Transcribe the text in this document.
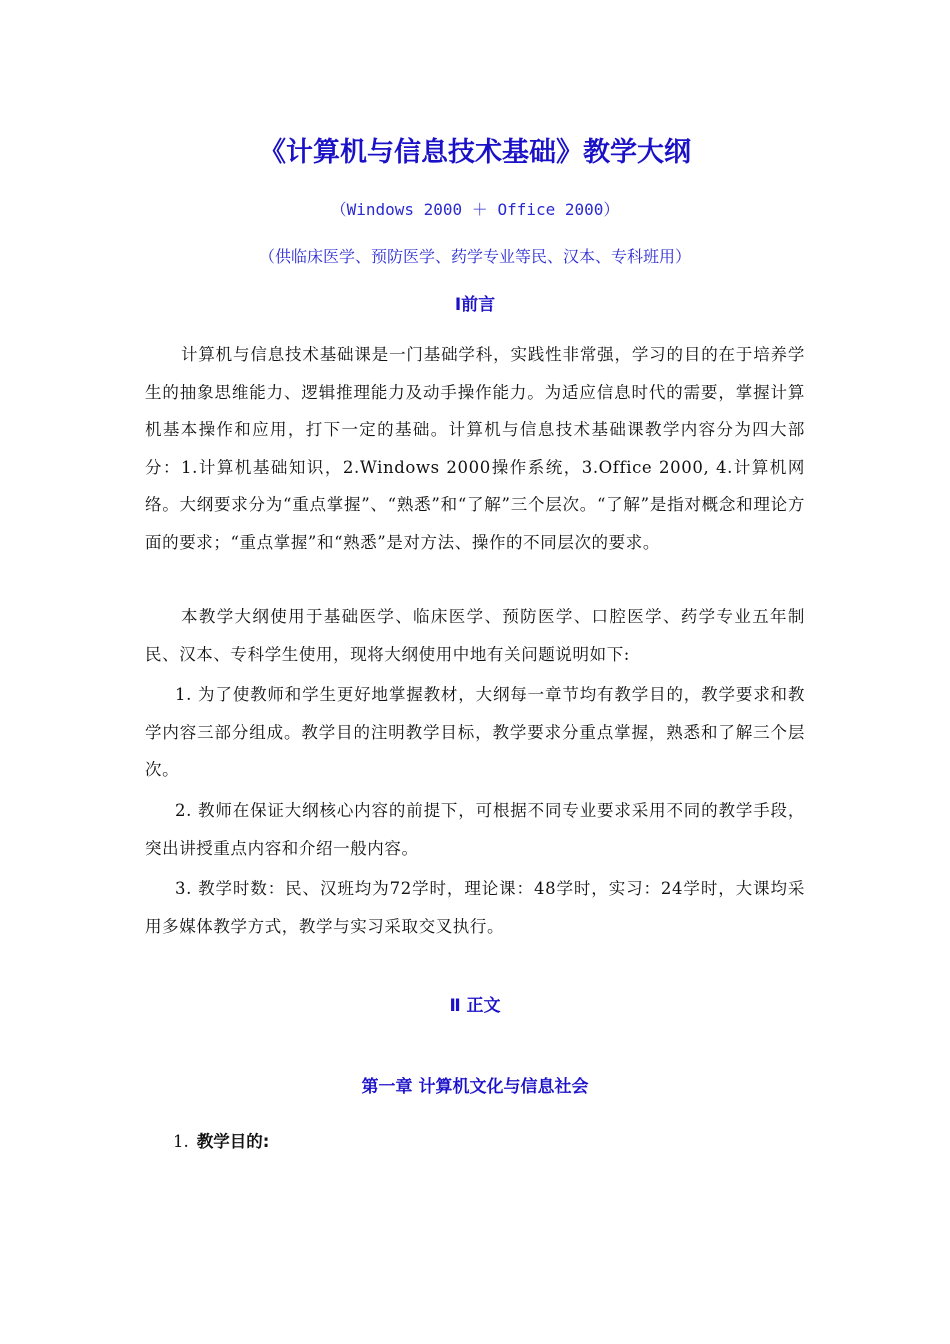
《计算机与信息技术基础》教学大纲

（Windows 2000 ＋ Office 2000）

（供临床医学、预防医学、药学专业等民、汉本、专科班用）

Ⅰ前言

计算机与信息技术基础课是一门基础学科，实践性非常强，学习的目的在于培养学生的抽象思维能力、逻辑推理能力及动手操作能力。为适应信息时代的需要，掌握计算机基本操作和应用，打下一定的基础。计算机与信息技术基础课教学内容分为四大部分：1.计算机基础知识，2.Windows 2000操作系统，3.Office 2000, 4.计算机网络。大纲要求分为“重点掌握”、“熟悉”和“了解”三个层次。“了解”是指对概念和理论方面的要求；“重点掌握”和“熟悉”是对方法、操作的不同层次的要求。

本教学大纲使用于基础医学、临床医学、预防医学、口腔医学、药学专业五年制民、汉本、专科学生使用，现将大纲使用中地有关问题说明如下:

1. 为了使教师和学生更好地掌握教材，大纲每一章节均有教学目的，教学要求和教学内容三部分组成。教学目的注明教学目标，教学要求分重点掌握，熟悉和了解三个层次。

2. 教师在保证大纲核心内容的前提下，可根据不同专业要求采用不同的教学手段，突出讲授重点内容和介绍一般内容。

3. 教学时数：民、汉班均为72学时，理论课：48学时，实习：24学时，大课均采用多媒体教学方式，教学与实习采取交叉执行。

Ⅱ 正文
第一章 计算机文化与信息社会

1. 教学目的:
